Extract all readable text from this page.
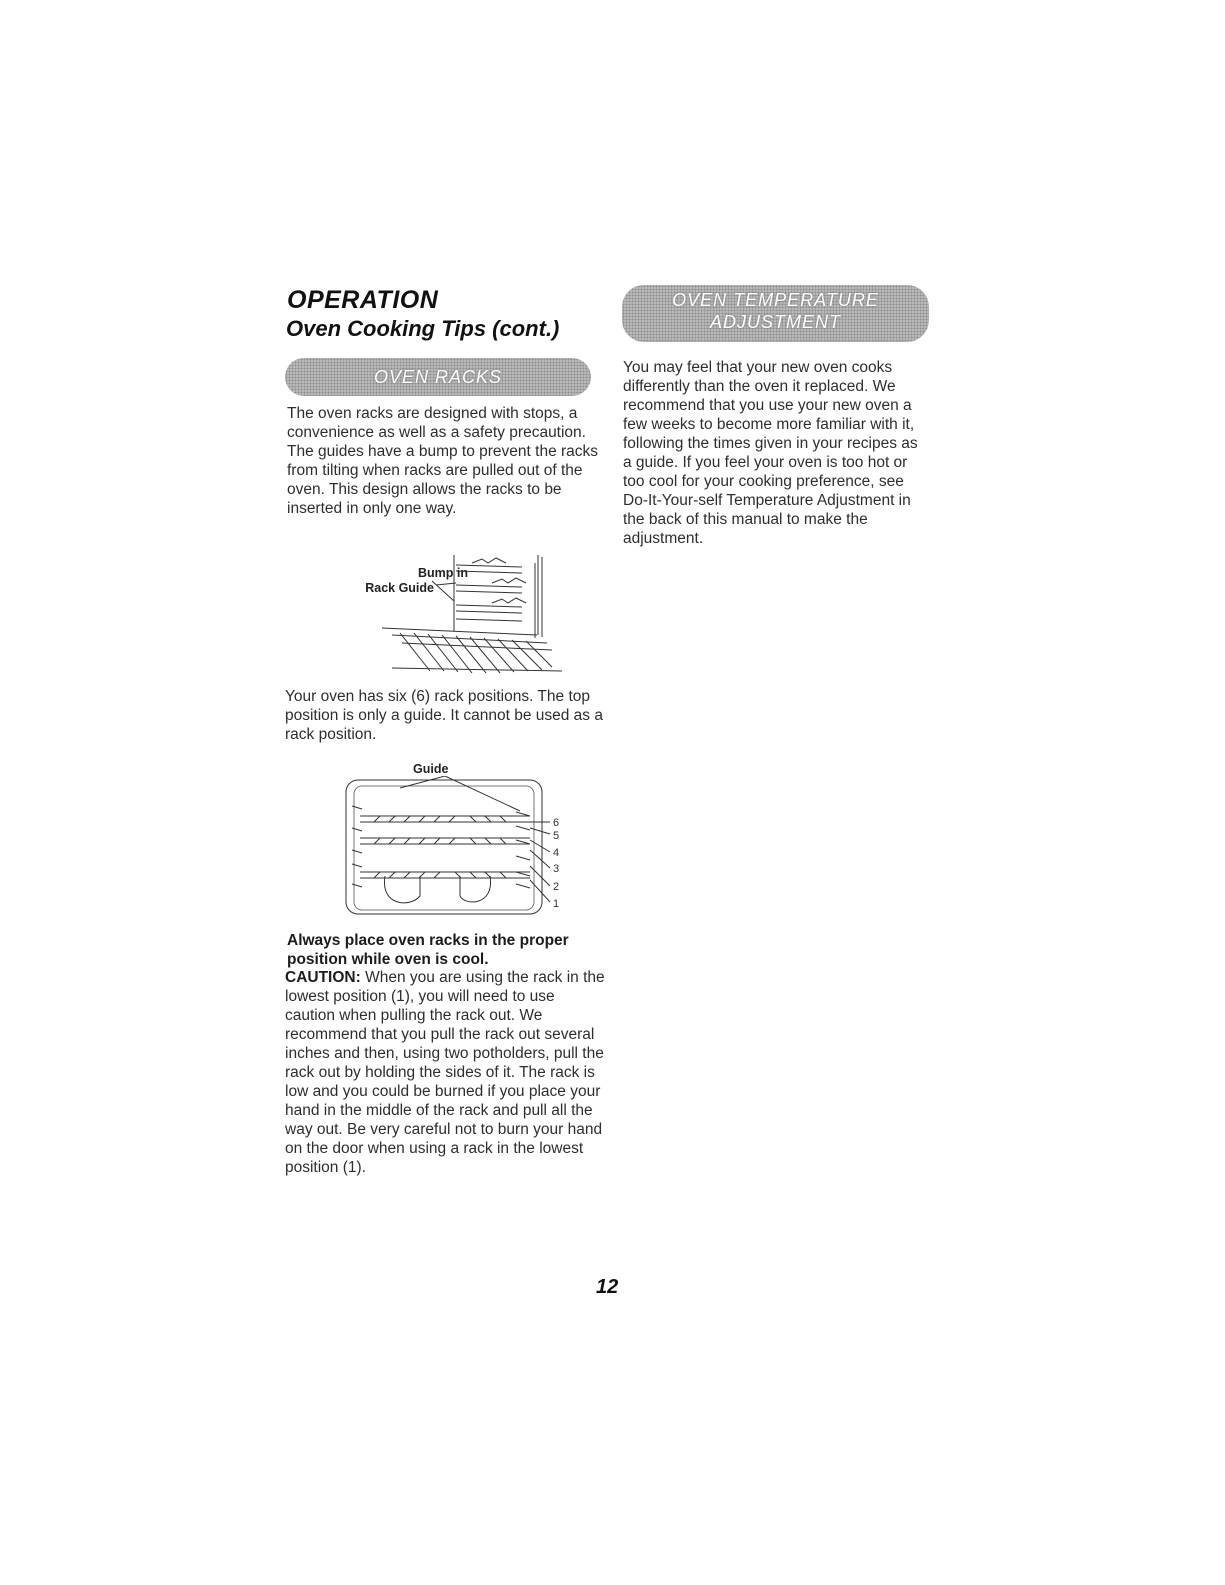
OPERATION
Oven Cooking Tips (cont.)
OVEN RACKS

The oven racks are designed with stops, a convenience as well as a safety precaution. The guides have a bump to prevent the racks from tilting when racks are pulled out of the oven. This design allows the racks to be inserted in only one way.

Bump in
Rack Guide

Your oven has six (6) rack positions. The top position is only a guide. It cannot be used as a rack position.

Guide
6
5
4
3
2
1

Always place oven racks in the proper position while oven is cool.

CAUTION: When you are using the rack in the lowest position (1), you will need to use caution when pulling the rack out. We recommend that you pull the rack out several inches and then, using two potholders, pull the rack out by holding the sides of it. The rack is low and you could be burned if you place your hand in the middle of the rack and pull all the way out. Be very careful not to burn your hand on the door when using a rack in the lowest position (1).

OVEN TEMPERATURE
ADJUSTMENT

You may feel that your new oven cooks differently than the oven it replaced. We recommend that you use your new oven a few weeks to become more familiar with it, following the times given in your recipes as a guide. If you feel your oven is too hot or too cool for your cooking preference, see Do-It-Your-self Temperature Adjustment in the back of this manual to make the adjustment.

12
